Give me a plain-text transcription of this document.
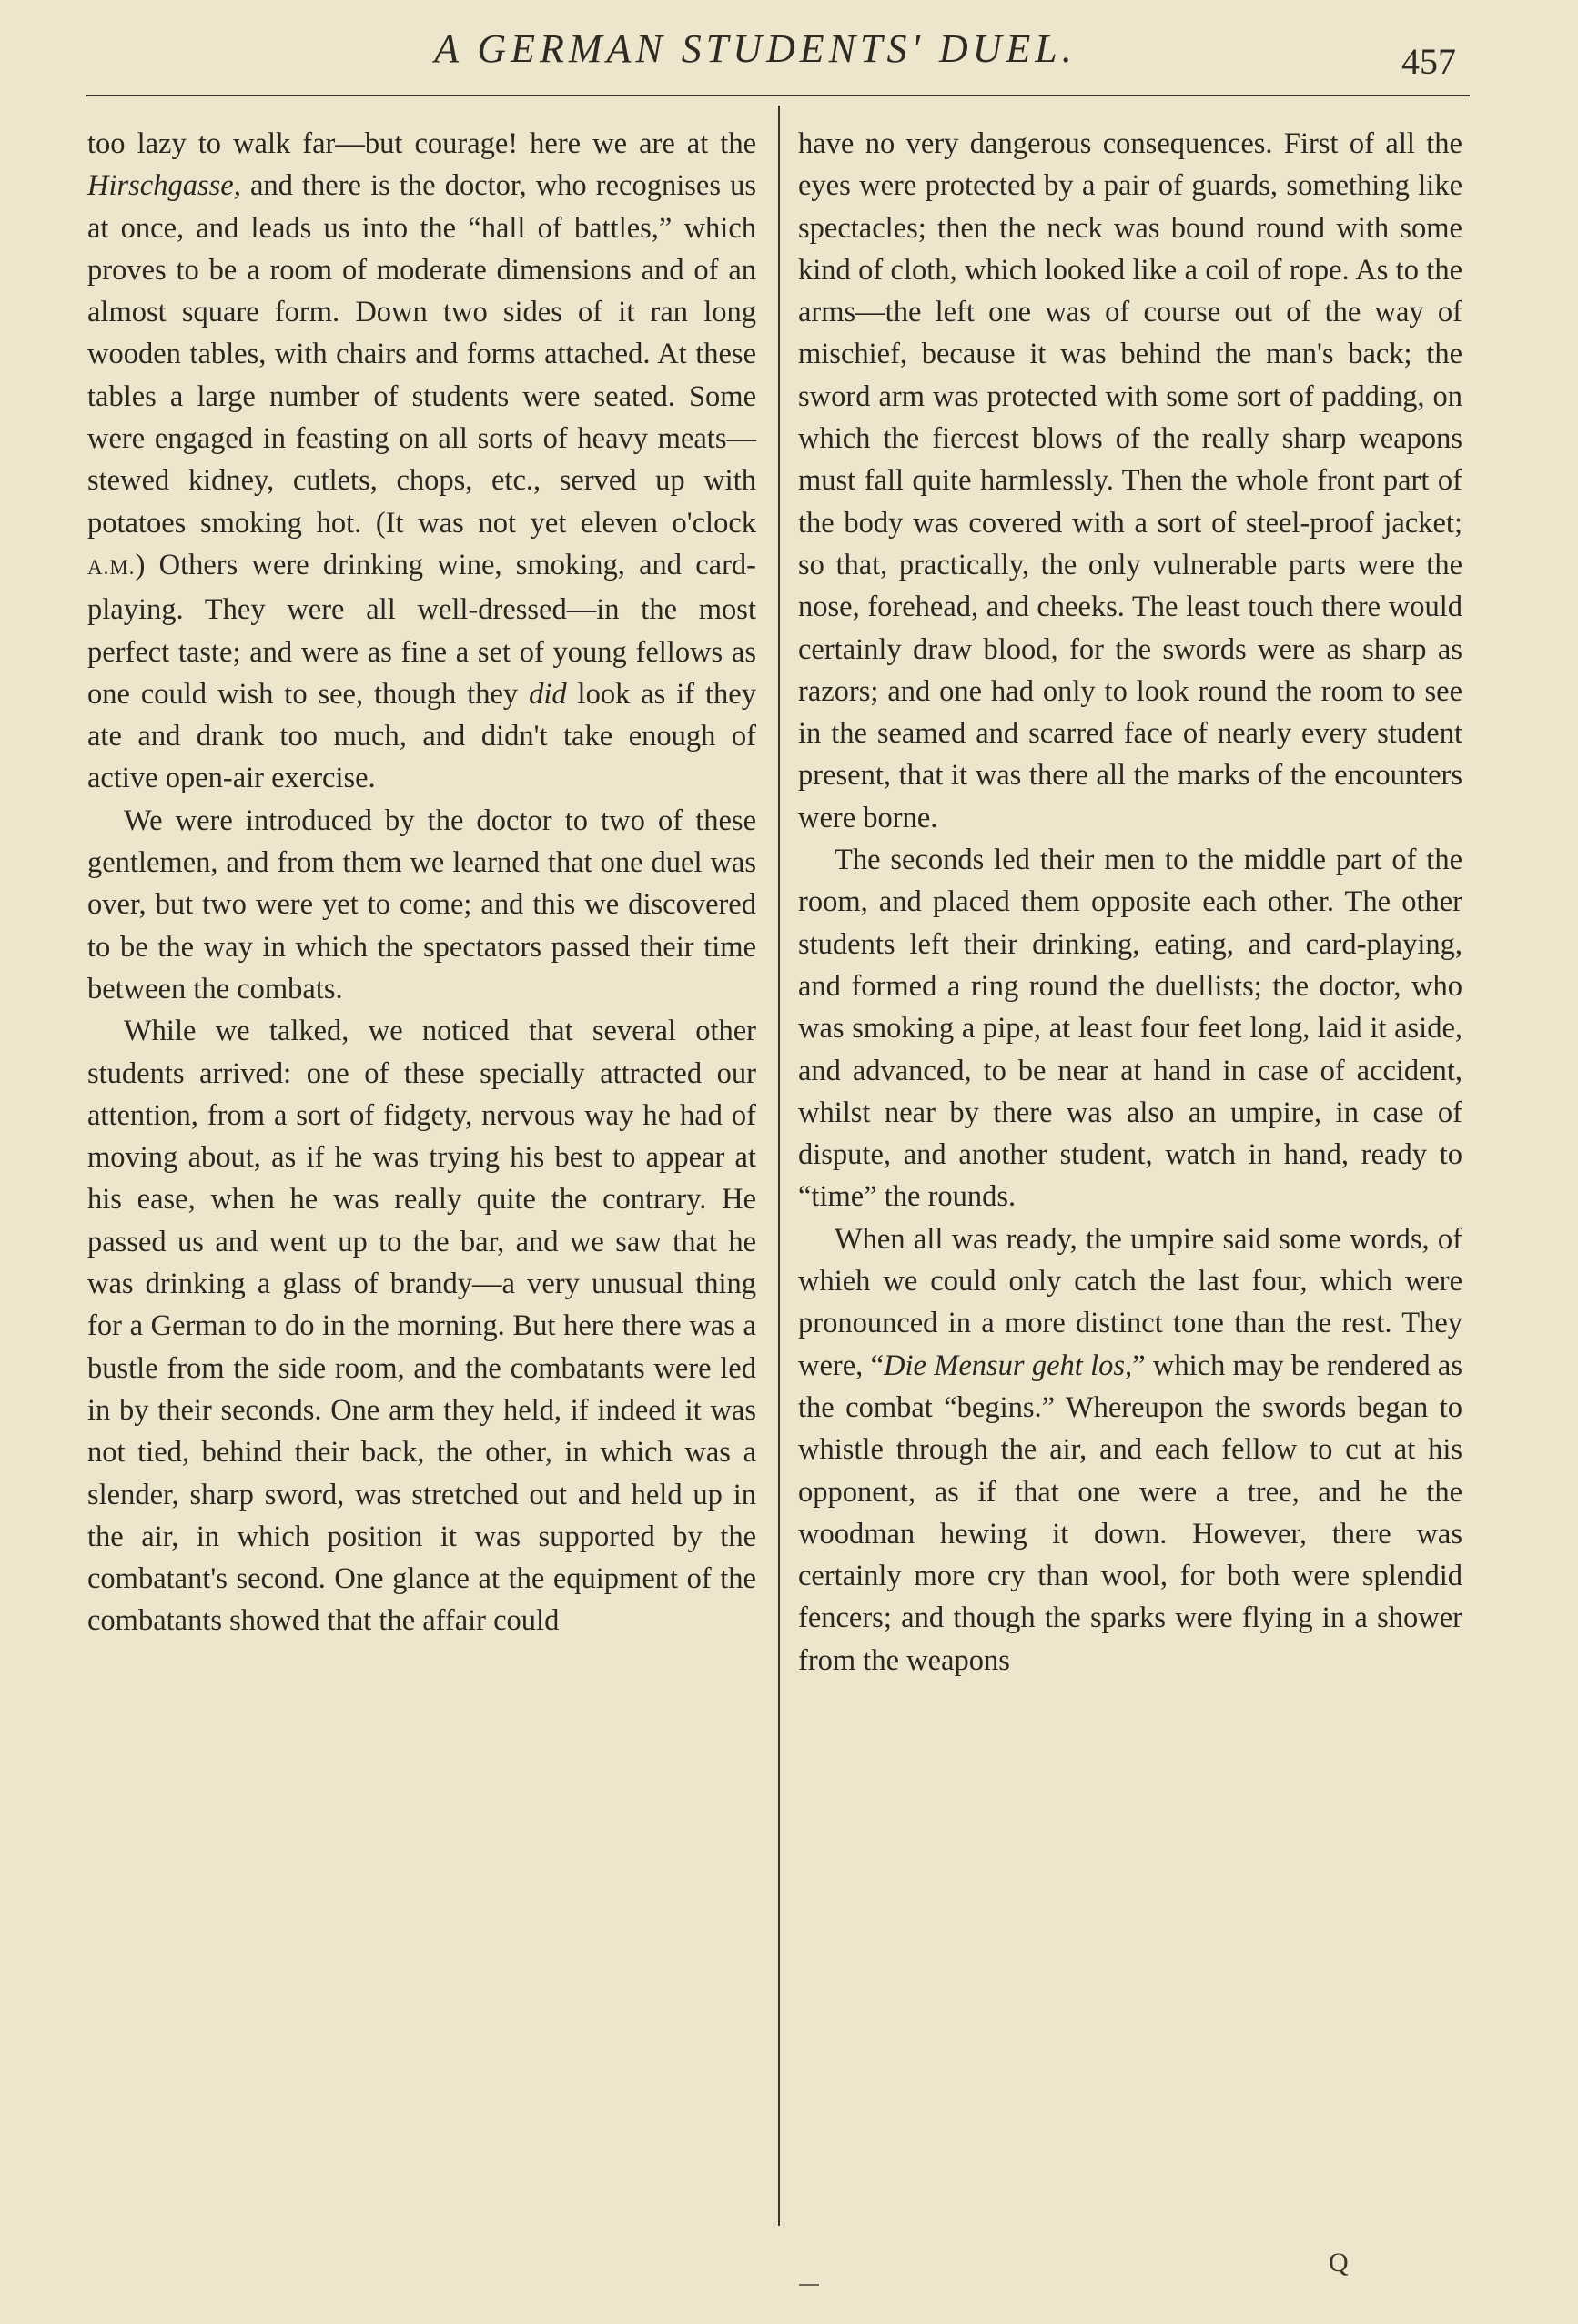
A GERMAN STUDENTS' DUEL.	457

too lazy to walk far—but courage! here we are at the Hirschgasse, and there is the doctor, who recognises us at once, and leads us into the “hall of battles,” which proves to be a room of moderate dimensions and of an almost square form. Down two sides of it ran long wooden tables, with chairs and forms attached. At these tables a large number of students were seated. Some were engaged in feasting on all sorts of heavy meats—stewed kidney, cutlets, chops, etc., served up with potatoes smoking hot. (It was not yet eleven o'clock A.M.) Others were drinking wine, smoking, and card-playing. They were all well-dressed—in the most perfect taste; and were as fine a set of young fellows as one could wish to see, though they did look as if they ate and drank too much, and didn't take enough of active open-air exercise.

We were introduced by the doctor to two of these gentlemen, and from them we learned that one duel was over, but two were yet to come; and this we discovered to be the way in which the spectators passed their time between the combats.

While we talked, we noticed that several other students arrived: one of these specially attracted our attention, from a sort of fidgety, nervous way he had of moving about, as if he was trying his best to appear at his ease, when he was really quite the contrary. He passed us and went up to the bar, and we saw that he was drinking a glass of brandy—a very unusual thing for a German to do in the morning. But here there was a bustle from the side room, and the combatants were led in by their seconds. One arm they held, if indeed it was not tied, behind their back, the other, in which was a slender, sharp sword, was stretched out and held up in the air, in which position it was supported by the combatant's second. One glance at the equipment of the combatants showed that the affair could

have no very dangerous consequences. First of all the eyes were protected by a pair of guards, something like spectacles; then the neck was bound round with some kind of cloth, which looked like a coil of rope. As to the arms—the left one was of course out of the way of mischief, because it was behind the man's back; the sword arm was protected with some sort of padding, on which the fiercest blows of the really sharp weapons must fall quite harmlessly. Then the whole front part of the body was covered with a sort of steel-proof jacket; so that, practically, the only vulnerable parts were the nose, forehead, and cheeks. The least touch there would certainly draw blood, for the swords were as sharp as razors; and one had only to look round the room to see in the seamed and scarred face of nearly every student present, that it was there all the marks of the encounters were borne.

The seconds led their men to the middle part of the room, and placed them opposite each other. The other students left their drinking, eating, and card-playing, and formed a ring round the duellists; the doctor, who was smoking a pipe, at least four feet long, laid it aside, and advanced, to be near at hand in case of accident, whilst near by there was also an umpire, in case of dispute, and another student, watch in hand, ready to “time” the rounds.

When all was ready, the umpire said some words, of whieh we could only catch the last four, which were pronounced in a more distinct tone than the rest. They were, “Die Mensur geht los,” which may be rendered as the combat “begins.” Whereupon the swords began to whistle through the air, and each fellow to cut at his opponent, as if that one were a tree, and he the woodman hewing it down. However, there was certainly more cry than wool, for both were splendid fencers; and though the sparks were flying in a shower from the weapons

Q
